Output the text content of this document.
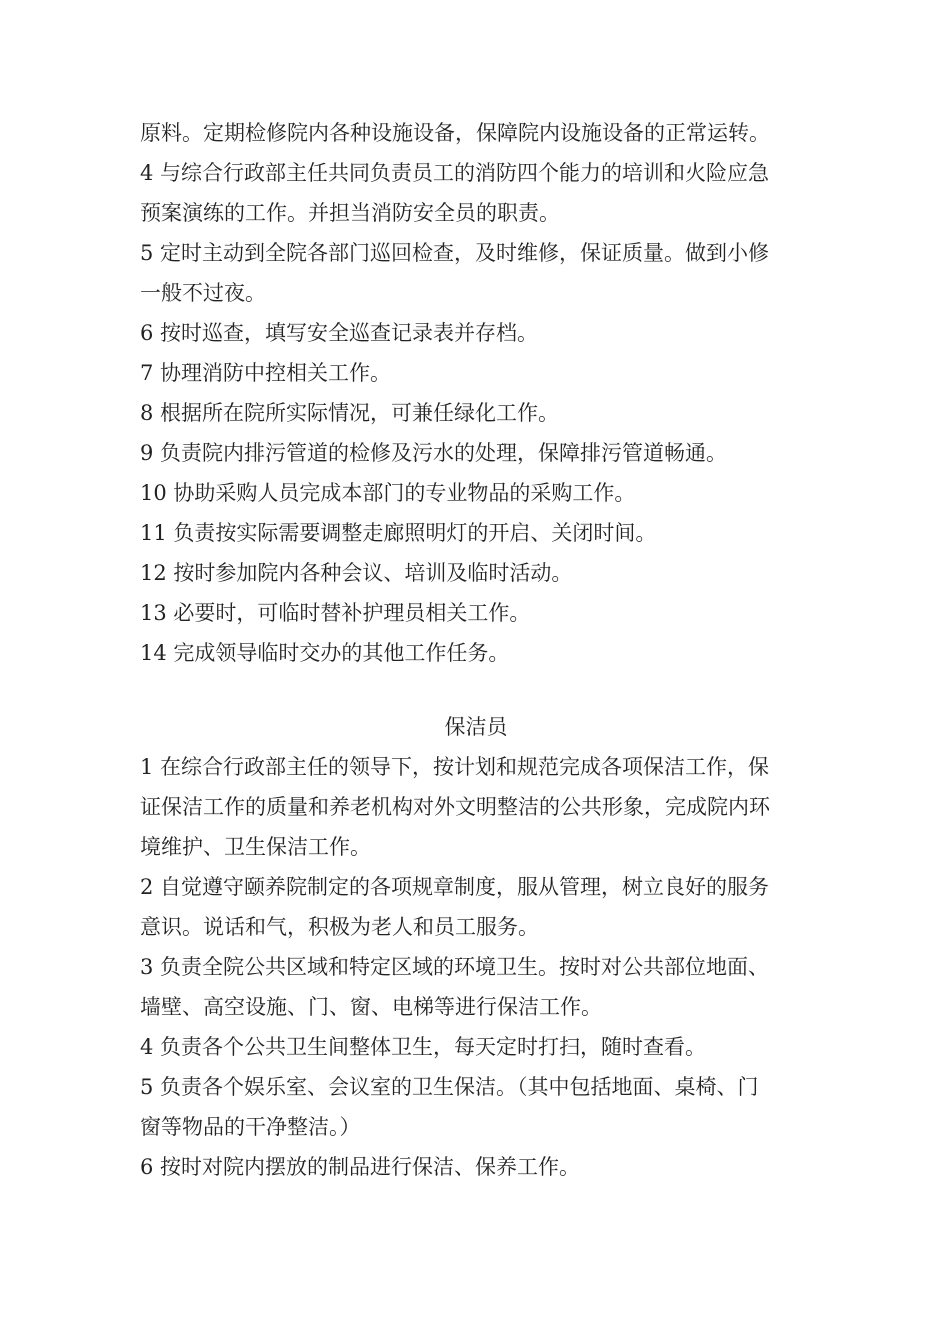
原料。定期检修院内各种设施设备，保障院内设施设备的正常运转。
4 与综合行政部主任共同负责员工的消防四个能力的培训和火险应急
预案演练的工作。并担当消防安全员的职责。
5 定时主动到全院各部门巡回检查，及时维修，保证质量。做到小修
一般不过夜。
6 按时巡查，填写安全巡查记录表并存档。
7 协理消防中控相关工作。
8 根据所在院所实际情况，可兼任绿化工作。
9 负责院内排污管道的检修及污水的处理，保障排污管道畅通。
10 协助采购人员完成本部门的专业物品的采购工作。
11 负责按实际需要调整走廊照明灯的开启、关闭时间。
12 按时参加院内各种会议、培训及临时活动。
13 必要时，可临时替补护理员相关工作。
14 完成领导临时交办的其他工作任务。
保洁员
1 在综合行政部主任的领导下，按计划和规范完成各项保洁工作，保
证保洁工作的质量和养老机构对外文明整洁的公共形象，完成院内环
境维护、卫生保洁工作。
2 自觉遵守颐养院制定的各项规章制度，服从管理，树立良好的服务
意识。说话和气，积极为老人和员工服务。
3 负责全院公共区域和特定区域的环境卫生。按时对公共部位地面、
墙壁、高空设施、门、窗、电梯等进行保洁工作。
4 负责各个公共卫生间整体卫生，每天定时打扫，随时查看。
5 负责各个娱乐室、会议室的卫生保洁。（其中包括地面、桌椅、门
窗等物品的干净整洁。）
6 按时对院内摆放的制品进行保洁、保养工作。
